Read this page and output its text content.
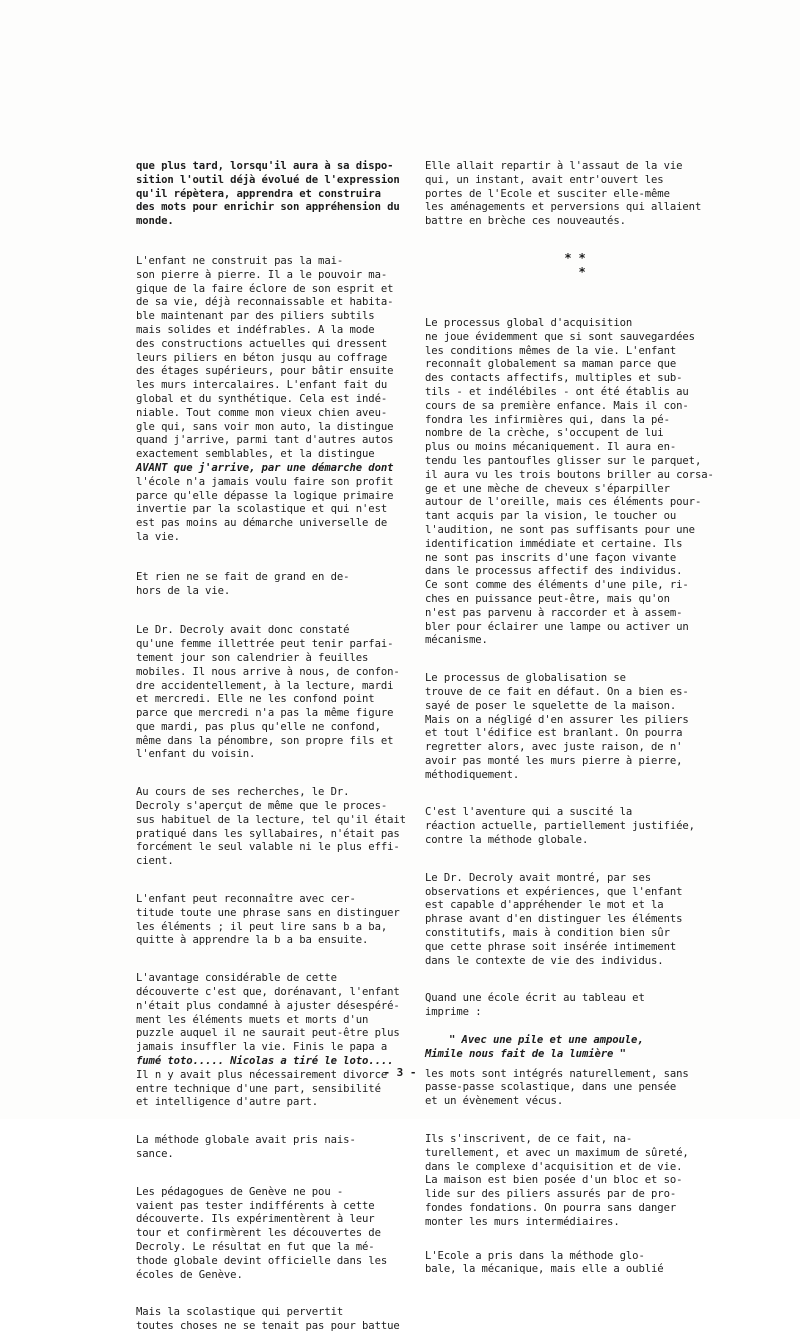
que plus tard, lorsqu'il aura à sa dispo-
sition l'outil déjà évolué de l'expression
qu'il répètera, apprendra et construira
des mots pour enrichir son appréhension du
monde.
L'enfant ne construit pas la mai-
son pierre à pierre. Il a le pouvoir ma-
gique de la faire éclore de son esprit et
de sa vie, déjà reconnaissable et habita-
ble maintenant par des piliers subtils
mais solides et indéfrables. A la mode
des constructions actuelles qui dressent
leurs piliers en béton jusqu au coffrage
des étages supérieurs, pour bâtir ensuite
les murs intercalaires. L'enfant fait du
global et du synthétique. Cela est indé-
niable. Tout comme mon vieux chien aveu-
gle qui, sans voir mon auto, la distingue
quand j'arrive, parmi tant d'autres autos
exactement semblables, et la distingue
AVANT que j'arrive, par une démarche dont
l'école n'a jamais voulu faire son profit
parce qu'elle dépasse la logique primaire
invertie par la scolastique et qui n'est
est pas moins au démarche universelle de
la vie.
Et rien ne se fait de grand en de-
hors de la vie.
Le Dr. Decroly avait donc constaté
qu'une femme illettrée peut tenir parfai-
tement jour son calendrier à feuilles
mobiles. Il nous arrive à nous, de confon-
dre accidentellement, à la lecture, mardi
et mercredi. Elle ne les confond point
parce que mercredi n'a pas la même figure
que mardi, pas plus qu'elle ne confond,
même dans la pénombre, son propre fils et
l'enfant du voisin.
Au cours de ses recherches, le Dr.
Decroly s'aperçut de même que le proces-
sus habituel de la lecture, tel qu'il était
pratiqué dans les syllabaires, n'était pas
forcément le seul valable ni le plus effi-
cient.
L'enfant peut reconnaître avec cer-
titude toute une phrase sans en distinguer
les éléments ; il peut lire sans b a ba,
quitte à apprendre la b a ba ensuite.
L'avantage considérable de cette
découverte c'est que, dorénavant, l'enfant
n'était plus condamné à ajuster désespéré-
ment les éléments muets et morts d'un
puzzle auquel il ne saurait peut-être plus
jamais insuffler la vie. Finis le papa a
fumé toto..... Nicolas a tiré le loto....
Il n y avait plus nécessairement divorce
entre technique d'une part, sensibilité
et intelligence d'autre part.
La méthode globale avait pris nais-
sance.
Les pédagogues de Genève ne pou -
vaient pas tester indifférents à cette
découverte. Ils expérimentèrent à leur
tour et confirmèrent les découvertes de
Decroly. Le résultat en fut que la mé-
thode globale devint officielle dans les
écoles de Genève.
Mais la scolastique qui pervertit
toutes choses ne se tenait pas pour battue
Elle allait repartir à l'assaut de la vie
qui, un instant, avait entr'ouvert les
portes de l'Ecole et susciter elle-même
les aménagements et perversions qui allaient
battre en brèche ces nouveautés.
* *
*
Le processus global d'acquisition
ne joue évidemment que si sont sauvegardées
les conditions mêmes de la vie. L'enfant
reconnaît globalement sa maman parce que
des contacts affectifs, multiples et sub-
tils - et indélébiles - ont été établis au
cours de sa première enfance. Mais il con-
fondra les infirmières qui, dans la pé-
nombre de la crèche, s'occupent de lui
plus ou moins mécaniquement. Il aura en-
tendu les pantoufles glisser sur le parquet,
il aura vu les trois boutons briller au corsa-
ge et une mèche de cheveux s'éparpiller
autour de l'oreille, mais ces éléments pour-
tant acquis par la vision, le toucher ou
l'audition, ne sont pas suffisants pour une
identification immédiate et certaine. Ils
ne sont pas inscrits d'une façon vivante
dans le processus affectif des individus.
Ce sont comme des éléments d'une pile, ri-
ches en puissance peut-être, mais qu'on
n'est pas parvenu à raccorder et à assem-
bler pour éclairer une lampe ou activer un
mécanisme.
Le processus de globalisation se
trouve de ce fait en défaut. On a bien es-
sayé de poser le squelette de la maison.
Mais on a négligé d'en assurer les piliers
et tout l'édifice est branlant. On pourra
regretter alors, avec juste raison, de n'
avoir pas monté les murs pierre à pierre,
méthodiquement.
C'est l'aventure qui a suscité la
réaction actuelle, partiellement justifiée,
contre la méthode globale.
Le Dr. Decroly avait montré, par ses
observations et expériences, que l'enfant
est capable d'appréhender le mot et la
phrase avant d'en distinguer les éléments
constitutifs, mais à condition bien sûr
que cette phrase soit insérée intimement
dans le contexte de vie des individus.
Quand une école écrit au tableau et
imprime :
" Avec une pile et une ampoule,
Mimile nous fait de la lumière "
les mots sont intégrés naturellement, sans
passe-passe scolastique, dans une pensée
et un évènement vécus.
Ils s'inscrivent, de ce fait, na-
turellement, et avec un maximum de sûreté,
dans le complexe d'acquisition et de vie.
La maison est bien posée d'un bloc et so-
lide sur des piliers assurés par de pro-
fondes fondations. On pourra sans danger
monter les murs intermédiaires.
L'Ecole a pris dans la méthode glo-
bale, la mécanique, mais elle a oublié
- 3 -
